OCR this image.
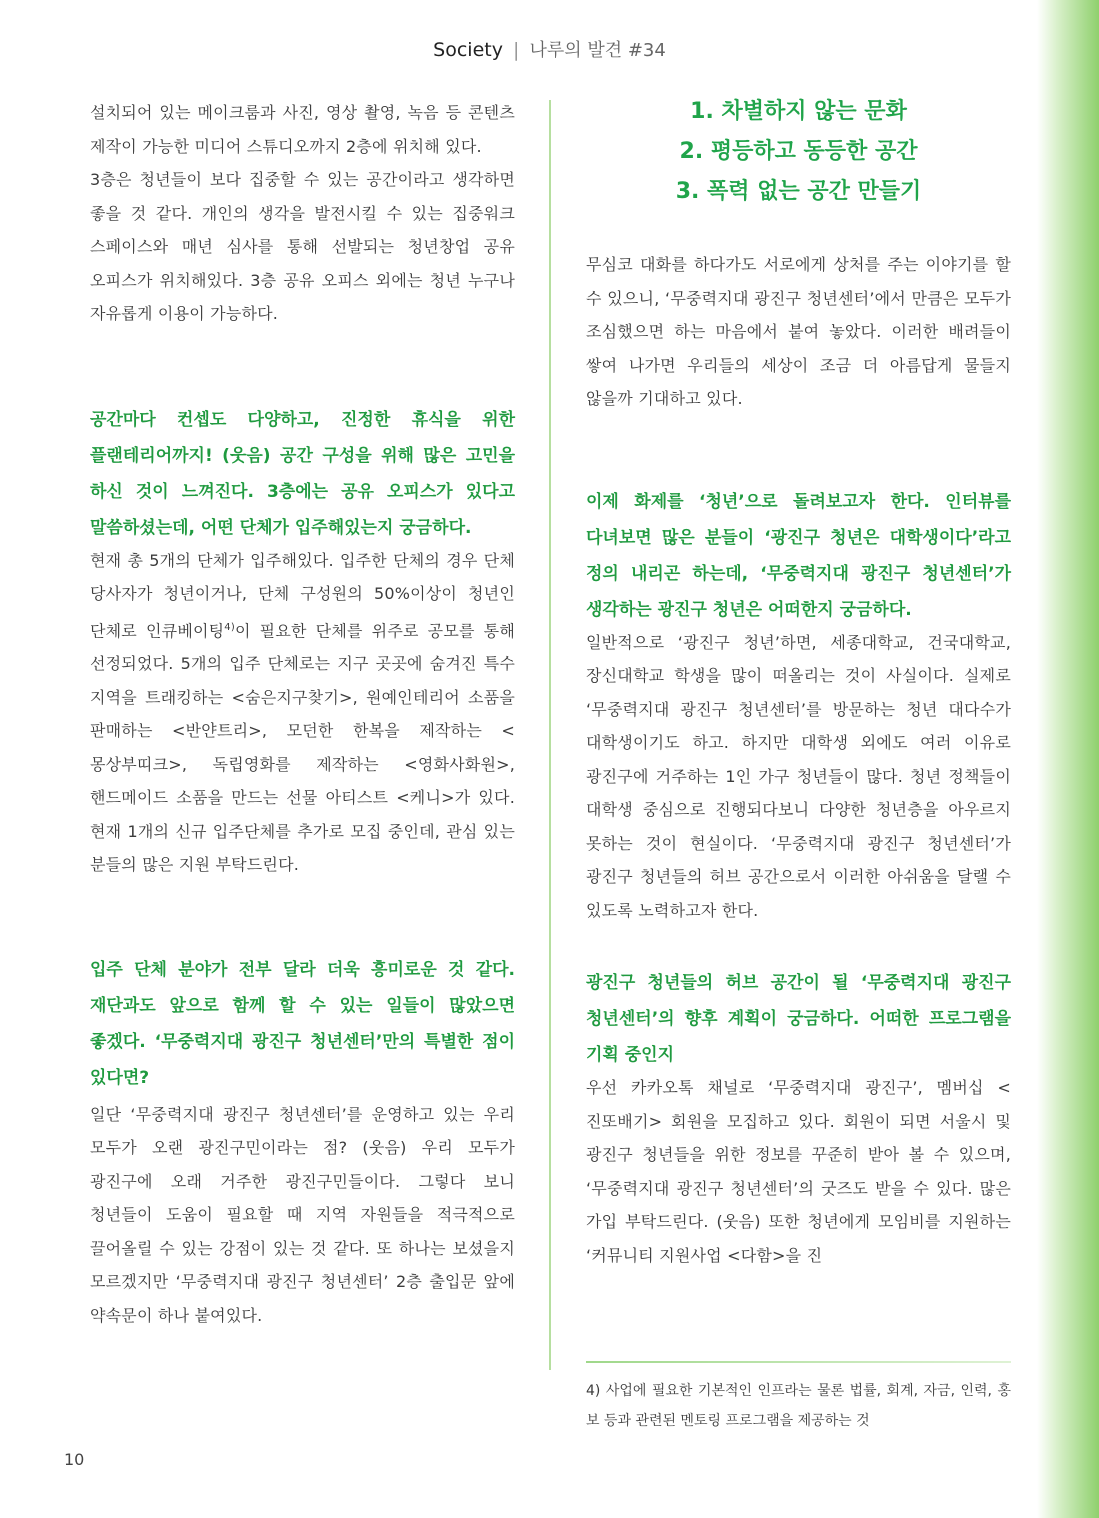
Society | 나루의 발견 #34

설치되어 있는 메이크룸과 사진, 영상 촬영, 녹음 등 콘텐츠 제작이 가능한 미디어 스튜디오까지 2층에 위치해 있다.

3층은 청년들이 보다 집중할 수 있는 공간이라고 생각하면 좋을 것 같다. 개인의 생각을 발전시킬 수 있는 집중워크 스페이스와 매년 심사를 통해 선발되는 청년창업 공유 오피스가 위치해있다. 3층 공유 오피스 외에는 청년 누구나 자유롭게 이용이 가능하다.

공간마다 컨셉도 다양하고, 진정한 휴식을 위한 플랜테리어까지! (웃음) 공간 구성을 위해 많은 고민을 하신 것이 느껴진다. 3층에는 공유 오피스가 있다고 말씀하셨는데, 어떤 단체가 입주해있는지 궁금하다.

현재 총 5개의 단체가 입주해있다. 입주한 단체의 경우 단체 당사자가 청년이거나, 단체 구성원의 50%이상이 청년인 단체로 인큐베이팅$^{4)}$이 필요한 단체를 위주로 공모를 통해 선정되었다. 5개의 입주 단체로는 지구 곳곳에 숨겨진 특수 지역을 트래킹하는 <숨은지구찾기>, 원예인테리어 소품을 판매하는 <반얀트리>, 모던한 한복을 제작하는 <몽상부띠크>, 독립영화를 제작하는 <영화사화원>, 핸드메이드 소품을 만드는 선물 아티스트 <케니>가 있다. 현재 1개의 신규 입주단체를 추가로 모집 중인데, 관심 있는 분들의 많은 지원 부탁드린다.

입주 단체 분야가 전부 달라 더욱 흥미로운 것 같다. 재단과도 앞으로 함께 할 수 있는 일들이 많았으면 좋겠다. ‘무중력지대 광진구 청년센터’만의 특별한 점이 있다면?

일단 ‘무중력지대 광진구 청년센터’를 운영하고 있는 우리 모두가 오랜 광진구민이라는 점? (웃음) 우리 모두가 광진구에 오래 거주한 광진구민들이다. 그렇다 보니 청년들이 도움이 필요할 때 지역 자원들을 적극적으로 끌어올릴 수 있는 강점이 있는 것 같다. 또 하나는 보셨을지 모르겠지만 ‘무중력지대 광진구 청년센터’ 2층 출입문 앞에 약속문이 하나 붙여있다.

1. 차별하지 않는 문화
2. 평등하고 동등한 공간
3. 폭력 없는 공간 만들기

무심코 대화를 하다가도 서로에게 상처를 주는 이야기를 할 수 있으니, ‘무중력지대 광진구 청년센터’에서 만큼은 모두가 조심했으면 하는 마음에서 붙여 놓았다. 이러한 배려들이 쌓여 나가면 우리들의 세상이 조금 더 아름답게 물들지 않을까 기대하고 있다.

이제 화제를 ‘청년’으로 돌려보고자 한다. 인터뷰를 다녀보면 많은 분들이 ‘광진구 청년은 대학생이다’라고 정의 내리곤 하는데, ‘무중력지대 광진구 청년센터’가 생각하는 광진구 청년은 어떠한지 궁금하다.

일반적으로 ‘광진구 청년’하면, 세종대학교, 건국대학교, 장신대학교 학생을 많이 떠올리는 것이 사실이다. 실제로 ‘무중력지대 광진구 청년센터’를 방문하는 청년 대다수가 대학생이기도 하고. 하지만 대학생 외에도 여러 이유로 광진구에 거주하는 1인 가구 청년들이 많다. 청년 정책들이 대학생 중심으로 진행되다보니 다양한 청년층을 아우르지 못하는 것이 현실이다. ‘무중력지대 광진구 청년센터’가 광진구 청년들의 허브 공간으로서 이러한 아쉬움을 달랠 수 있도록 노력하고자 한다.

광진구 청년들의 허브 공간이 될 ‘무중력지대 광진구 청년센터’의 향후 계획이 궁금하다. 어떠한 프로그램을 기획 중인지

우선 카카오톡 채널로 ‘무중력지대 광진구’, 멤버십 <진또배기> 회원을 모집하고 있다. 회원이 되면 서울시 및 광진구 청년들을 위한 정보를 꾸준히 받아 볼 수 있으며, ‘무중력지대 광진구 청년센터’의 굿즈도 받을 수 있다. 많은 가입 부탁드린다. (웃음) 또한 청년에게 모임비를 지원하는 ‘커뮤니티 지원사업 <다함>을 진

4) 사업에 필요한 기본적인 인프라는 물론 법률, 회계, 자금, 인력, 홍보 등과 관련된 멘토링 프로그램을 제공하는 것

10
